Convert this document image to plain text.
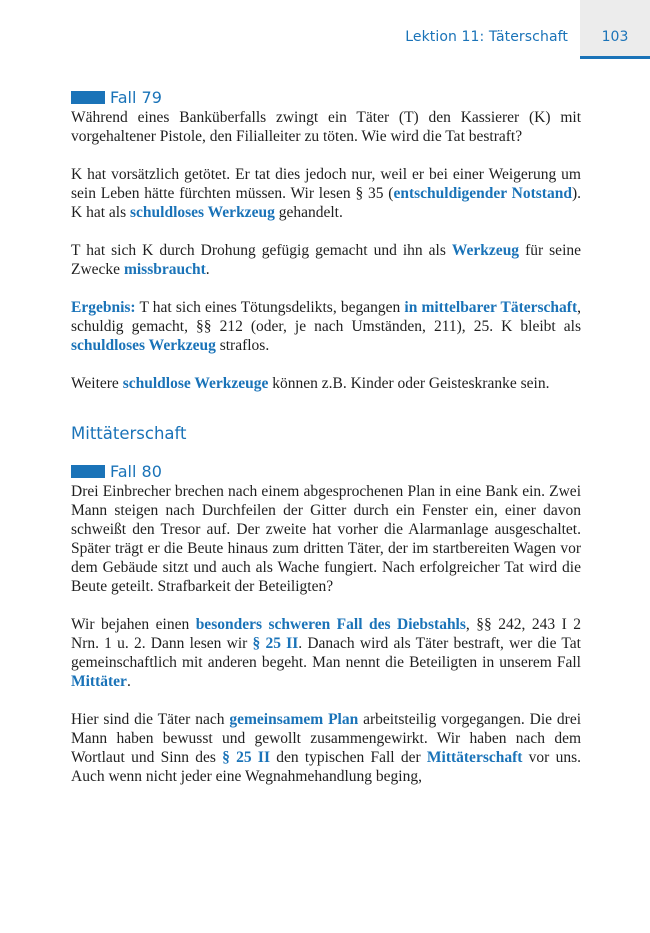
Lektion 11: Täterschaft	103
Fall 79

Während eines Banküberfalls zwingt ein Täter (T) den Kassierer (K) mit vorgehaltener Pistole, den Filialleiter zu töten. Wie wird die Tat bestraft?

K hat vorsätzlich getötet. Er tat dies jedoch nur, weil er bei einer Weigerung um sein Leben hätte fürchten müssen. Wir lesen § 35 (entschuldigender Notstand). K hat als schuldloses Werkzeug gehandelt.

T hat sich K durch Drohung gefügig gemacht und ihn als Werkzeug für seine Zwecke missbraucht.

Ergebnis: T hat sich eines Tötungsdelikts, begangen in mittelbarer Täterschaft, schuldig gemacht, §§ 212 (oder, je nach Umständen, 211), 25. K bleibt als schuldloses Werkzeug straflos.

Weitere schuldlose Werkzeuge können z.B. Kinder oder Geisteskranke sein.

Mittäterschaft
Fall 80

Drei Einbrecher brechen nach einem abgesprochenen Plan in eine Bank ein. Zwei Mann steigen nach Durchfeilen der Gitter durch ein Fenster ein, einer davon schweißt den Tresor auf. Der zweite hat vorher die Alarmanlage ausgeschaltet. Später trägt er die Beute hinaus zum dritten Täter, der im startbereiten Wagen vor dem Gebäude sitzt und auch als Wache fungiert. Nach erfolgreicher Tat wird die Beute geteilt. Strafbarkeit der Beteiligten?

Wir bejahen einen besonders schweren Fall des Diebstahls, §§ 242, 243 I 2 Nrn. 1 u. 2. Dann lesen wir § 25 II. Danach wird als Täter bestraft, wer die Tat gemeinschaftlich mit anderen begeht. Man nennt die Beteiligten in unserem Fall Mittäter.

Hier sind die Täter nach gemeinsamem Plan arbeitsteilig vorgegangen. Die drei Mann haben bewusst und gewollt zusammengewirkt. Wir haben nach dem Wortlaut und Sinn des § 25 II den typischen Fall der Mittäterschaft vor uns. Auch wenn nicht jeder eine Wegnahmehandlung beging,
